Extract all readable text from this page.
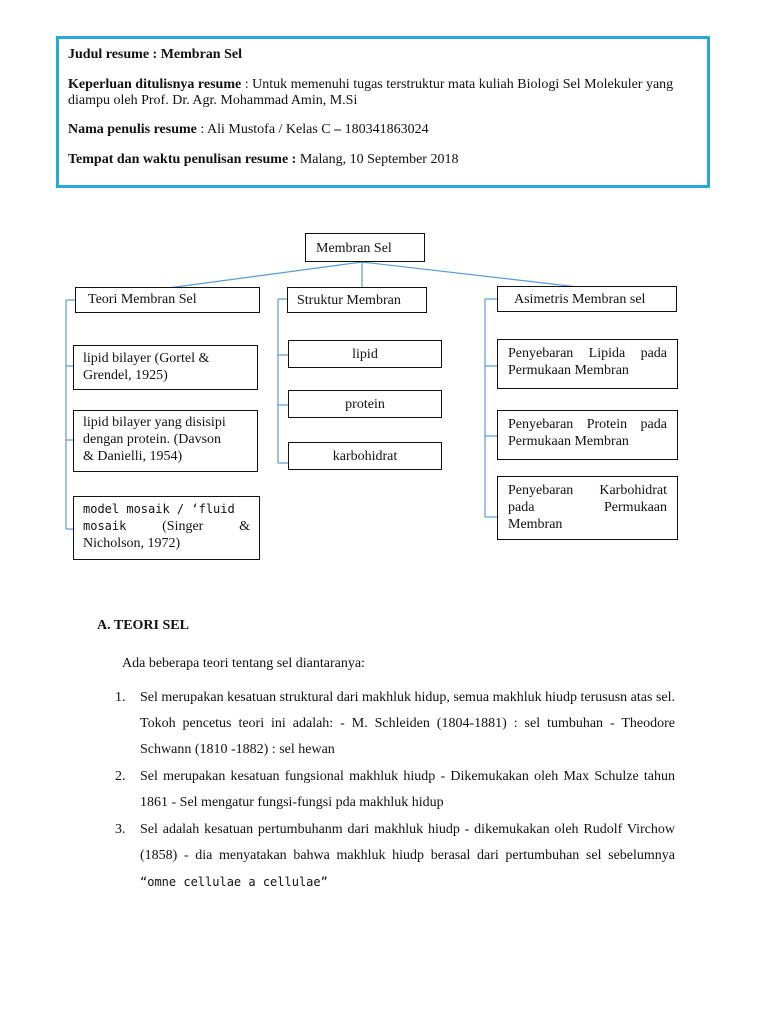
Judul resume : Membran Sel

Keperluan ditulisnya resume : Untuk memenuhi tugas terstruktur mata kuliah Biologi Sel Molekuler yang
diampu oleh Prof. Dr. Agr. Mohammad Amin, M.Si

Nama penulis resume : Ali Mustofa / Kelas C – 180341863024

Tempat dan waktu penulisan resume : Malang, 10 September 2018

Membran Sel
Teori Membran Sel
lipid bilayer (Gortel &
Grendel, 1925)
lipid bilayer yang disisipi
dengan protein. (Davson
& Danielli, 1954)
model mosaik / ‘fluid
mosaik	(Singer	&
Nicholson, 1972)
Struktur Membran
lipid
protein
karbohidrat
Asimetris Membran sel
Penyebaran Lipida pada
Permukaan Membran
Penyebaran Protein pada
Permukaan Membran
Penyebaran Karbohidrat
pada	Permukaan
Membran
A. TEORI SEL
Ada beberapa teori tentang sel diantaranya:
1. Sel merupakan kesatuan struktural dari makhluk hidup, semua makhluk hiudp terususn atas sel. Tokoh pencetus teori ini adalah: - M. Schleiden (1804-1881) : sel tumbuhan - Theodore Schwann (1810 -1882) : sel hewan
2. Sel merupakan kesatuan fungsional makhluk hiudp - Dikemukakan oleh Max Schulze tahun 1861 - Sel mengatur fungsi-fungsi pda makhluk hidup
3. Sel adalah kesatuan pertumbuhanm dari makhluk hiudp - dikemukakan oleh Rudolf Virchow (1858) - dia menyatakan bahwa makhluk hiudp berasal dari pertumbuhan sel sebelumnya “omne cellulae a cellulae”
